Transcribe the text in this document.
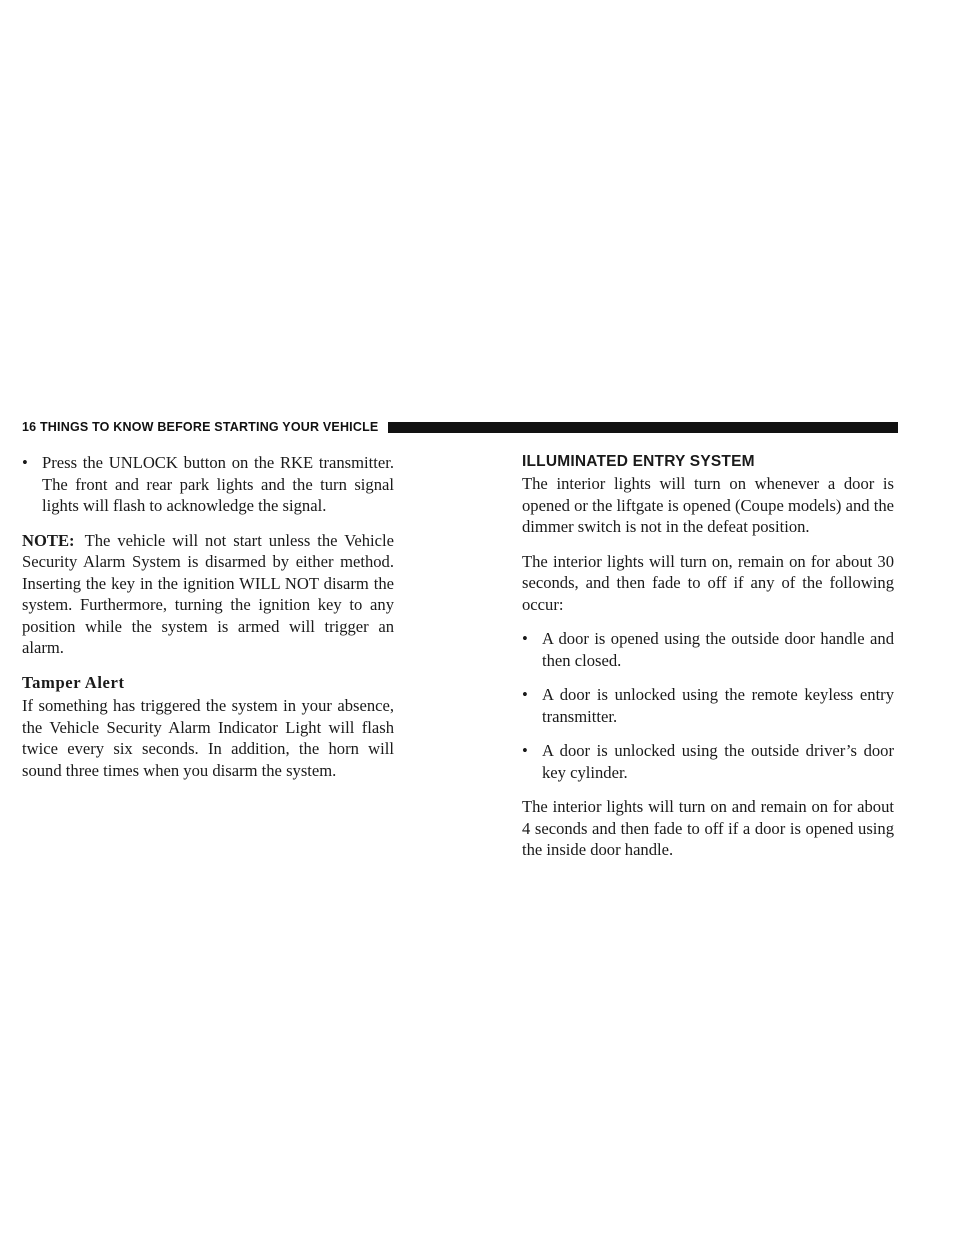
16 THINGS TO KNOW BEFORE STARTING YOUR VEHICLE
• Press the UNLOCK button on the RKE transmitter. The front and rear park lights and the turn signal lights will flash to acknowledge the signal.

NOTE: The vehicle will not start unless the Vehicle Security Alarm System is disarmed by either method. Inserting the key in the ignition WILL NOT disarm the system. Furthermore, turning the ignition key to any position while the system is armed will trigger an alarm.

Tamper Alert

If something has triggered the system in your absence, the Vehicle Security Alarm Indicator Light will flash twice every six seconds. In addition, the horn will sound three times when you disarm the system.

ILLUMINATED ENTRY SYSTEM

The interior lights will turn on whenever a door is opened or the liftgate is opened (Coupe models) and the dimmer switch is not in the defeat position.

The interior lights will turn on, remain on for about 30 seconds, and then fade to off if any of the following occur:

• A door is opened using the outside door handle and then closed.
• A door is unlocked using the remote keyless entry transmitter.
• A door is unlocked using the outside driver’s door key cylinder.

The interior lights will turn on and remain on for about 4 seconds and then fade to off if a door is opened using the inside door handle.
